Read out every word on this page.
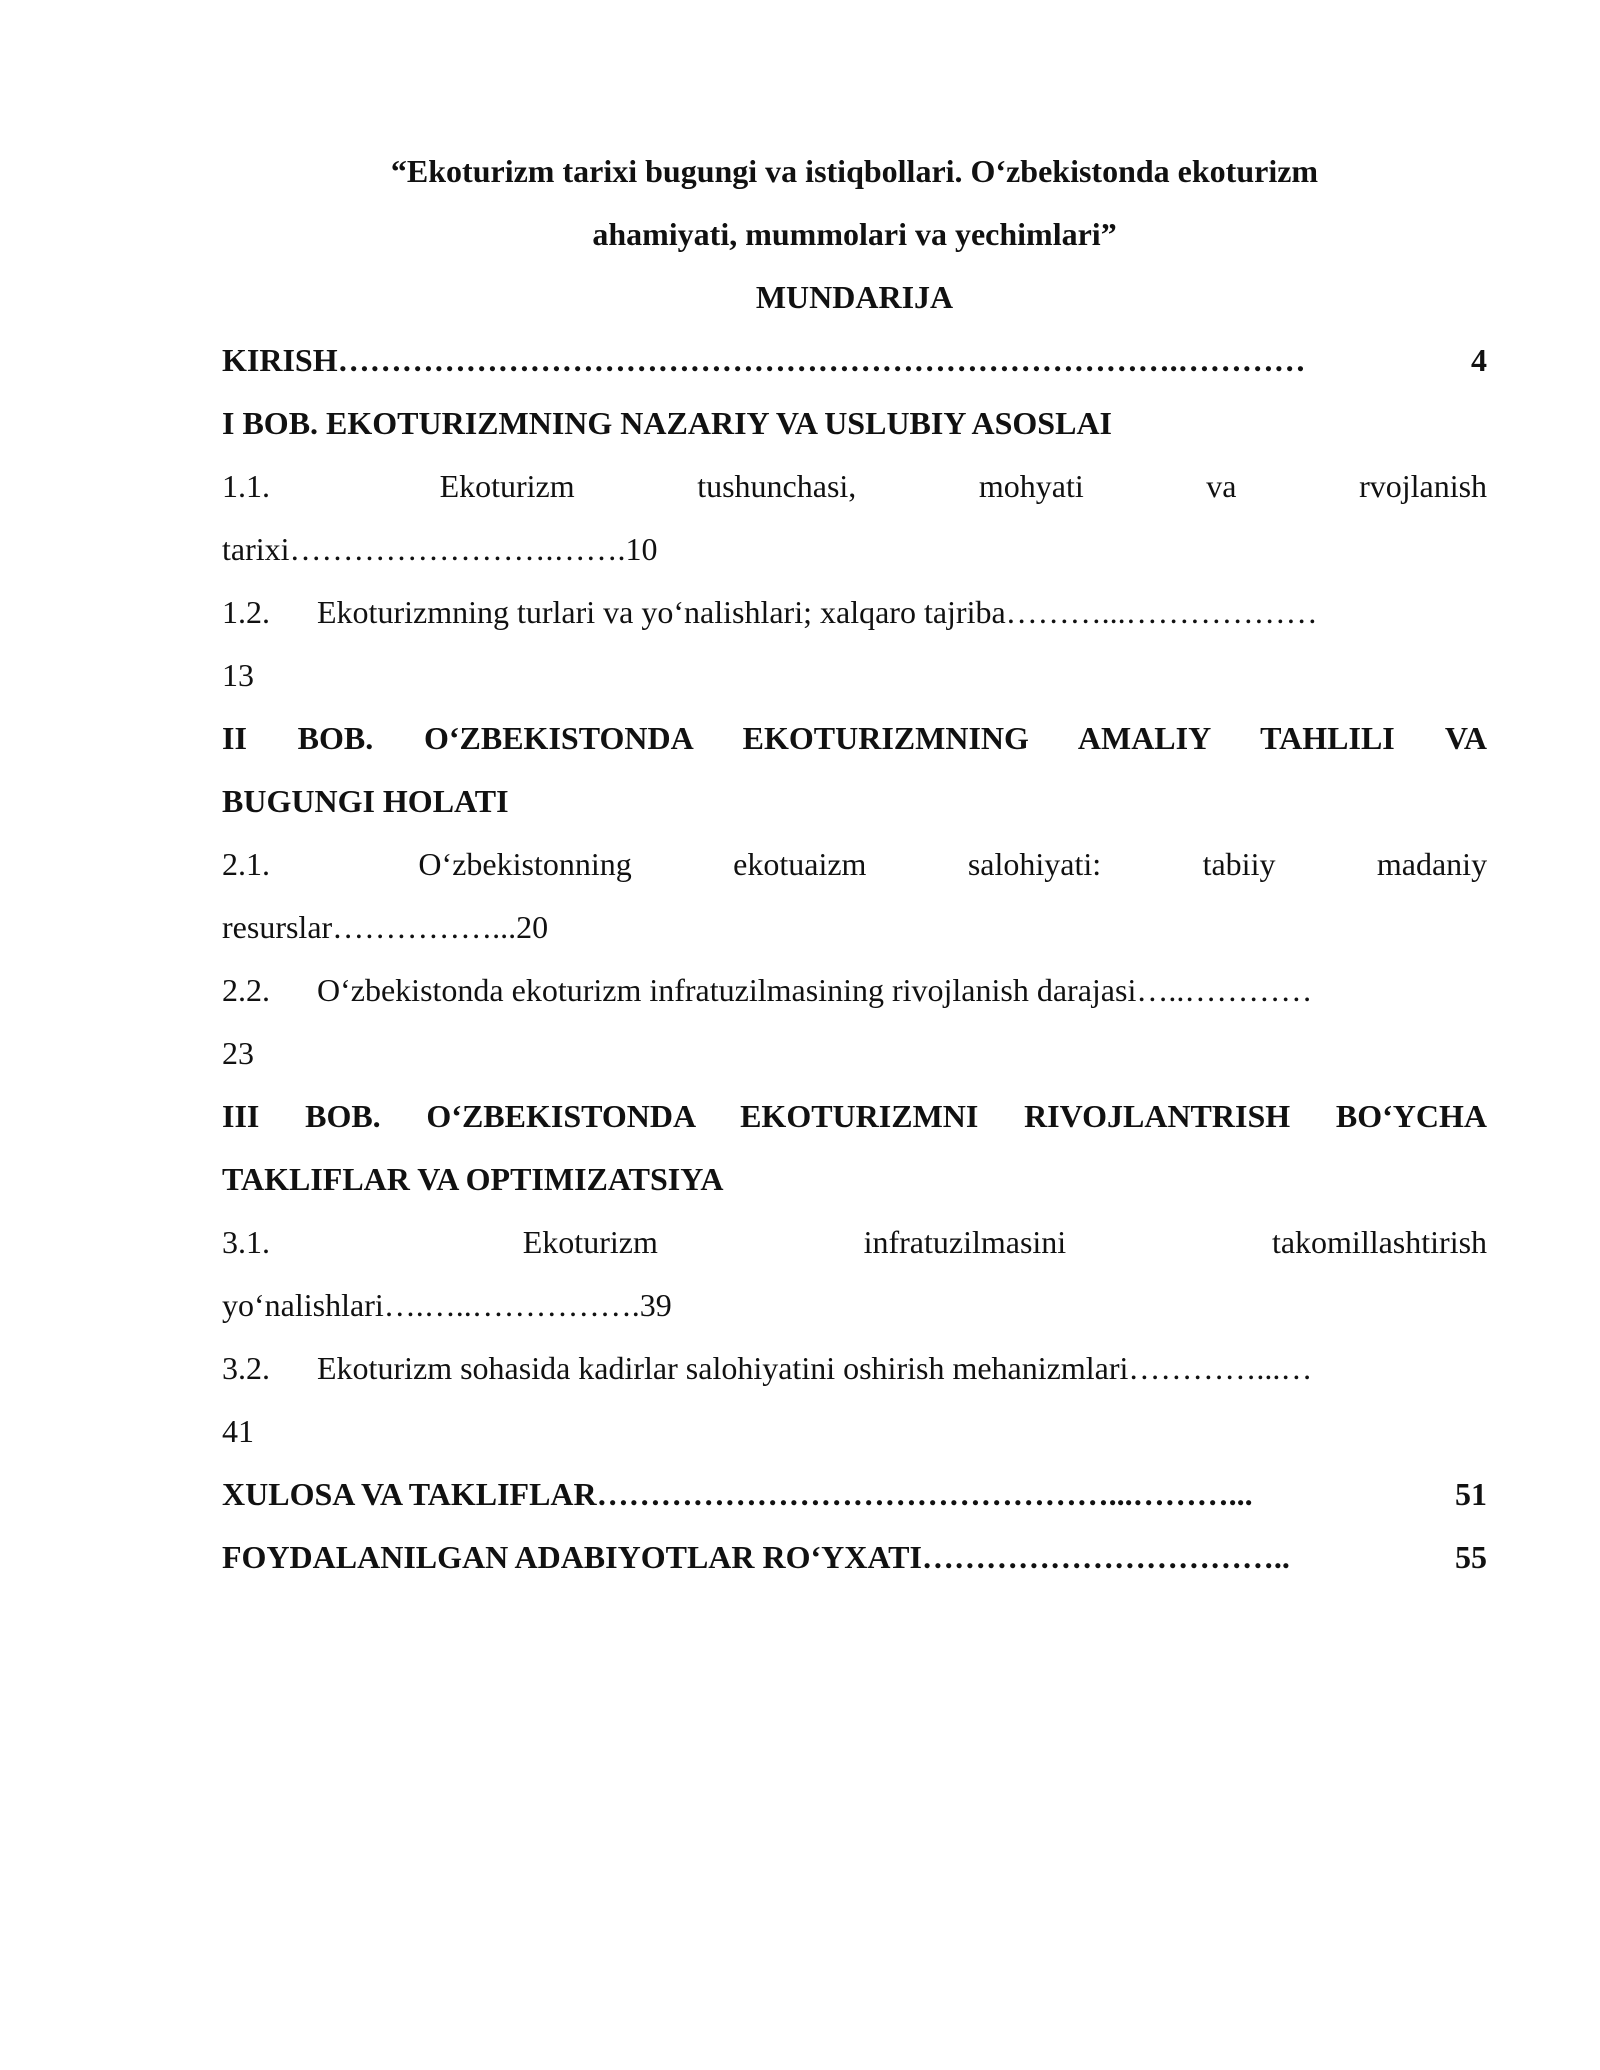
“Ekoturizm tarixi bugungi va istiqbollari. O‘zbekistonda ekoturizm
ahamiyati, mummolari va yechimlari”
MUNDARIJA
KIRISH …………………………………………………………………….…………	4
I BOB. EKOTURIZMNING NAZARIY VA USLUBIY ASOSLAI
1.1.	Ekoturizm	tushunchasi,	mohyati	va	rvojlanish
tarixi…………………….…….10
1.2. Ekoturizmning turlari va yo‘nalishlari; xalqaro tajriba………...………………
13
II BOB. O‘ZBEKISTONDA EKOTURIZMNING AMALIY TAHLILI VA
BUGUNGI HOLATI
2.1.	O‘zbekistonning	ekotuaizm	salohiyati:	tabiiy	madaniy
resurslar……………...20
2.2. O‘zbekistonda ekoturizm infratuzilmasining rivojlanish darajasi…..…………
23
III BOB. O‘ZBEKISTONDA EKOTURIZMNI RIVOJLANTRISH BO‘YCHA
TAKLIFLAR VA OPTIMIZATSIYA
3.1.	Ekoturizm	infratuzilmasini	takomillashtirish
yo‘nalishlari….…..…………….39
3.2. Ekoturizm sohasida kadirlar salohiyatini oshirish mehanizmlari…………...…
41
XULOSA VA TAKLIFLAR …………………………………………...………...	51
FOYDALANILGAN ADABIYOTLAR RO‘YXATI ……………………………..	55
